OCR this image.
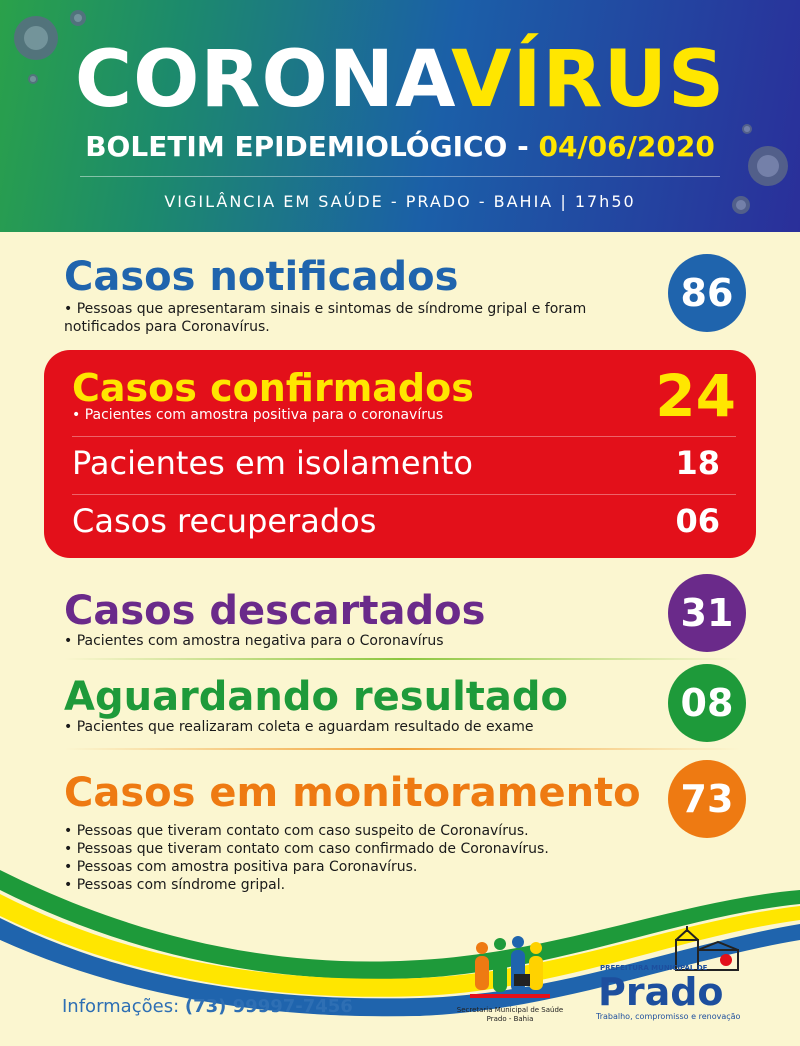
CORONAVÍRUS
BOLETIM EPIDEMIOLÓGICO - 04/06/2020
VIGILÂNCIA EM SAÚDE - PRADO - BAHIA | 17h50
Casos notificados
• Pessoas que apresentaram sinais e sintomas de síndrome gripal e foram notificados para Coronavírus.
86
Casos confirmados
• Pacientes com amostra positiva para o coronavírus	24
Pacientes em isolamento	18
Casos recuperados	06
Casos descartados
• Pacientes com amostra negativa para o Coronavírus
31
Aguardando resultado
• Pacientes que realizaram coleta e aguardam resultado de exame
08
Casos em monitoramento
• Pessoas que tiveram contato com caso suspeito de Coronavírus.
• Pessoas que tiveram contato com caso confirmado de Coronavírus.
• Pessoas com amostra positiva para Coronavírus.
• Pessoas com síndrome gripal.
73
Informações: (73) 99997-7456	Secretaria Municipal de Saúde
Prado - Bahia
PREFEITURA MUNICIPAL DE
Prado
Trabalho, compromisso e renovação
